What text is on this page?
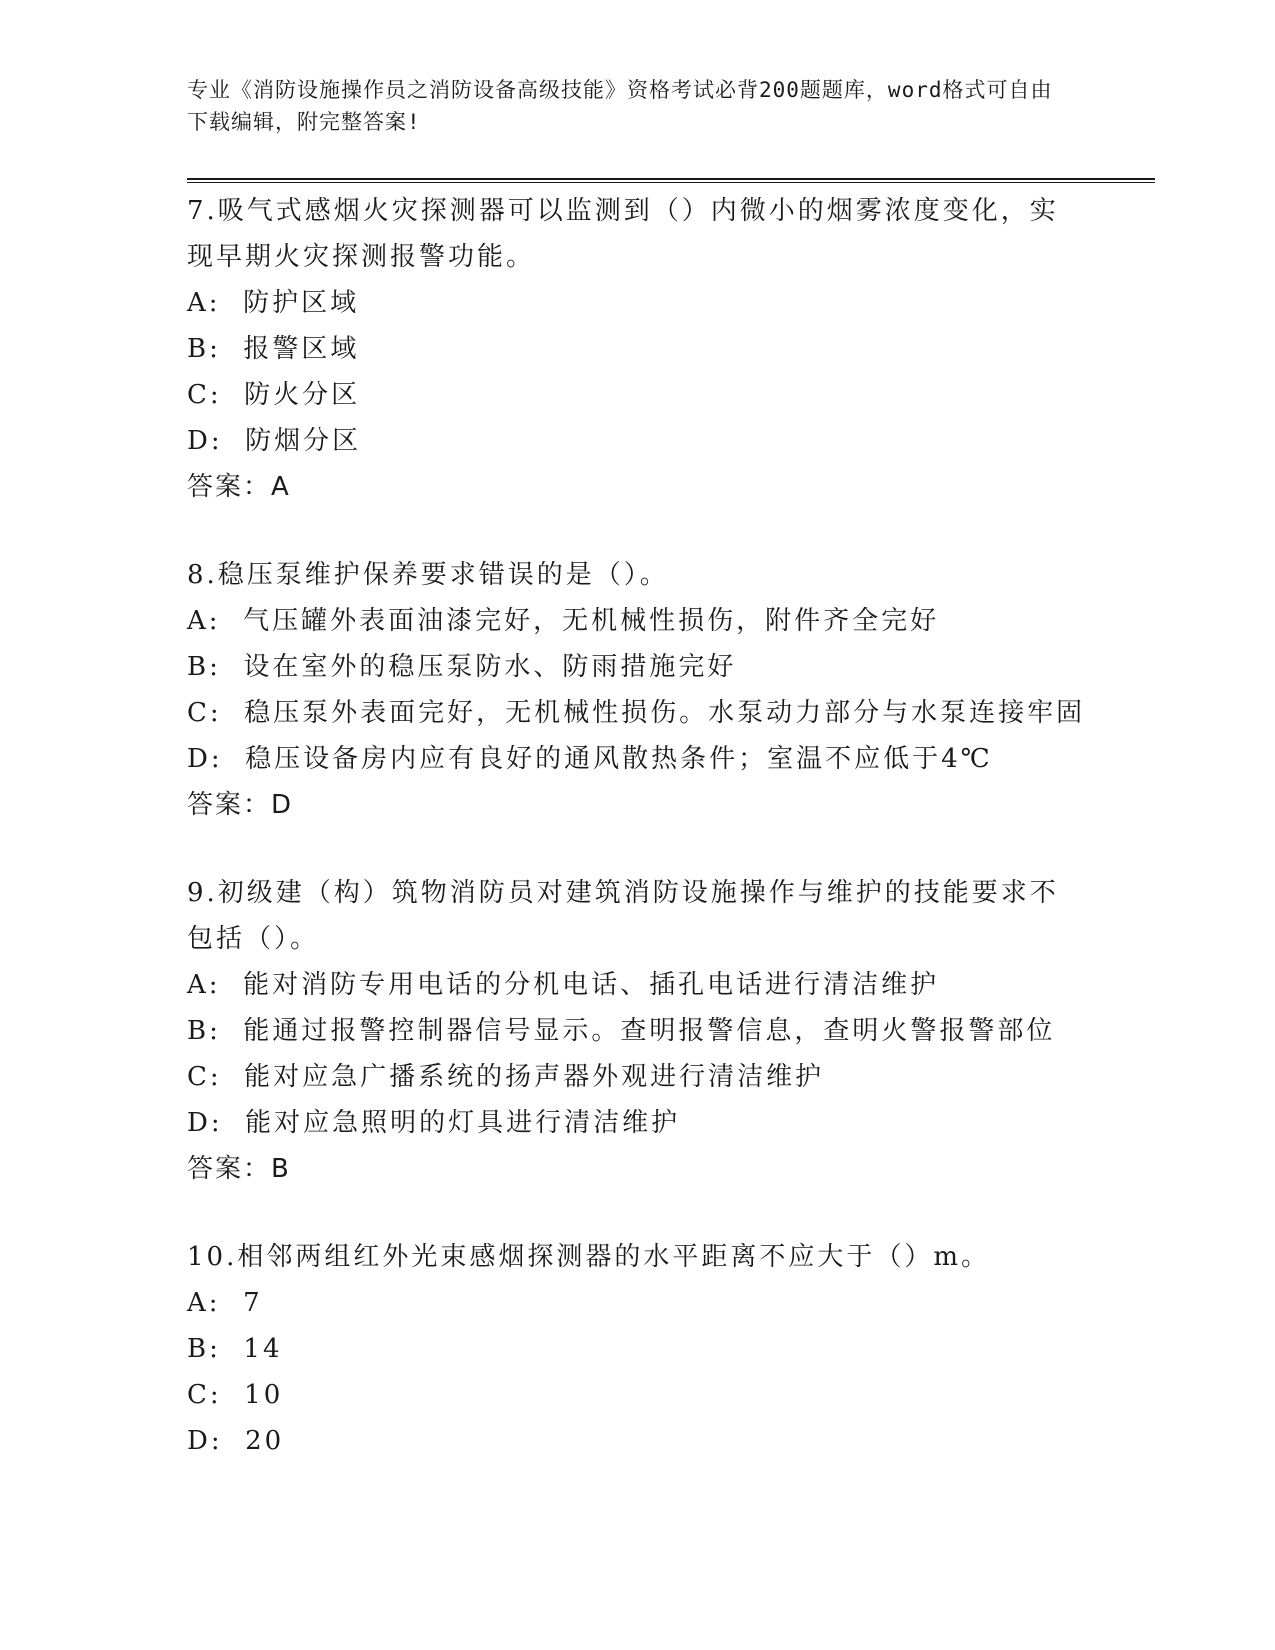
专业《消防设施操作员之消防设备高级技能》资格考试必背200题题库，word格式可自由下载编辑，附完整答案!

7.吸气式感烟火灾探测器可以监测到（）内微小的烟雾浓度变化，实现早期火灾探测报警功能。

A:  防护区域

B:  报警区域

C:  防火分区

D:  防烟分区

答案：A

8.稳压泵维护保养要求错误的是（）。

A:  气压罐外表面油漆完好，无机械性损伤，附件齐全完好

B:  设在室外的稳压泵防水、防雨措施完好

C:  稳压泵外表面完好，无机械性损伤。水泵动力部分与水泵连接牢固

D:  稳压设备房内应有良好的通风散热条件；室温不应低于4℃

答案：D

9.初级建（构）筑物消防员对建筑消防设施操作与维护的技能要求不包括（）。

A:  能对消防专用电话的分机电话、插孔电话进行清洁维护

B:  能通过报警控制器信号显示。查明报警信息，查明火警报警部位

C:  能对应急广播系统的扬声器外观进行清洁维护

D:  能对应急照明的灯具进行清洁维护

答案：B

10.相邻两组红外光束感烟探测器的水平距离不应大于（）m。

A:  7

B:  14

C:  10

D:  20
